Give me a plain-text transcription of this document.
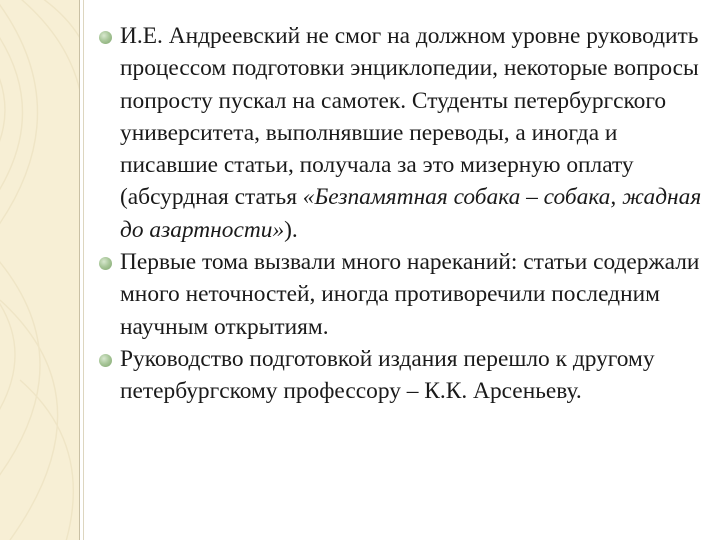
И.Е. Андреевский не смог на должном уровне руководить процессом подготовки энциклопедии, некоторые вопросы попросту пускал на самотек. Студенты петербургского университета, выполнявшие переводы, а иногда и писавшие статьи, получала за это мизерную оплату (абсурдная статья «Безпамятная собака – собака, жадная до азартности»).
Первые тома вызвали много нареканий: статьи содержали много неточностей, иногда противоречили последним научным открытиям.
Руководство подготовкой издания перешло к другому петербургскому профессору – К.К. Арсеньеву.
